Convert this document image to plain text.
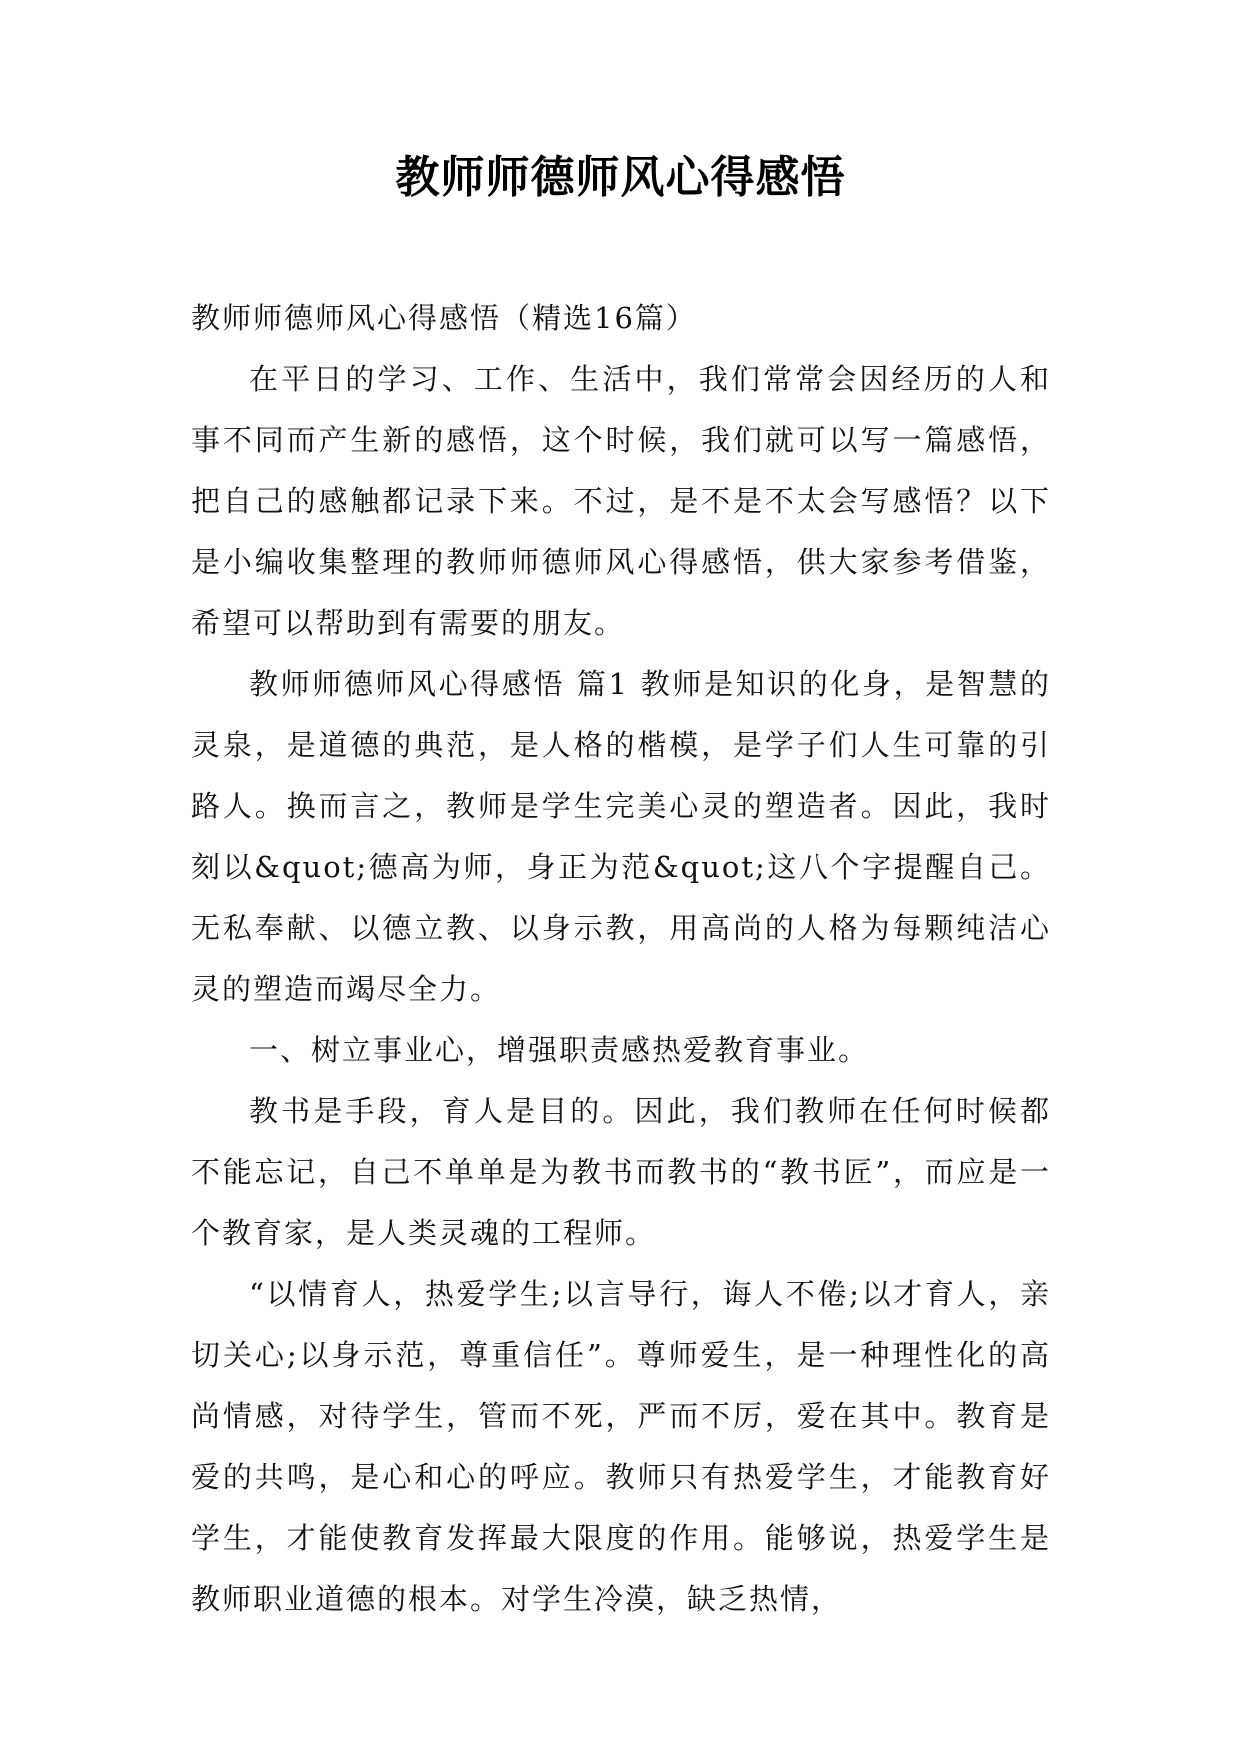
教师师德师风心得感悟

教师师德师风心得感悟（精选16篇）

在平日的学习、工作、生活中，我们常常会因经历的人和事不同而产生新的感悟，这个时候，我们就可以写一篇感悟，把自己的感触都记录下来。不过，是不是不太会写感悟？以下是小编收集整理的教师师德师风心得感悟，供大家参考借鉴，希望可以帮助到有需要的朋友。

教师师德师风心得感悟 篇1 教师是知识的化身，是智慧的灵泉，是道德的典范，是人格的楷模，是学子们人生可靠的引路人。换而言之，教师是学生完美心灵的塑造者。因此，我时刻以&quot;德高为师，身正为范&quot;这八个字提醒自己。无私奉献、以德立教、以身示教，用高尚的人格为每颗纯洁心灵的塑造而竭尽全力。

一、树立事业心，增强职责感热爱教育事业。

教书是手段，育人是目的。因此，我们教师在任何时候都不能忘记，自己不单单是为教书而教书的“教书匠”，而应是一个教育家，是人类灵魂的工程师。

“以情育人，热爱学生;以言导行，诲人不倦;以才育人，亲切关心;以身示范，尊重信任”。尊师爱生，是一种理性化的高尚情感，对待学生，管而不死，严而不厉，爱在其中。教育是爱的共鸣，是心和心的呼应。教师只有热爱学生，才能教育好学生，才能使教育发挥最大限度的作用。能够说，热爱学生是教师职业道德的根本。对学生冷漠，缺乏热情，
